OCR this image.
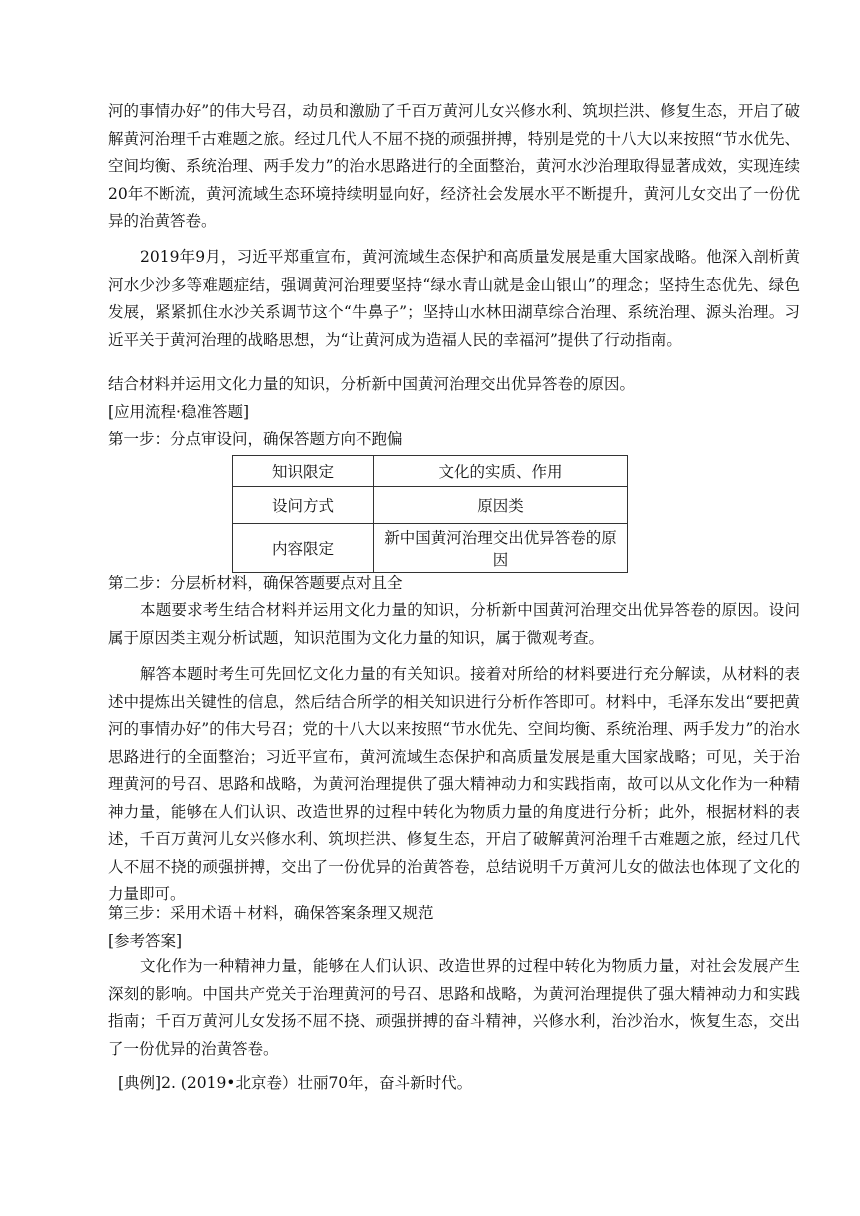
河的事情办好”的伟大号召，动员和激励了千百万黄河儿女兴修水利、筑坝拦洪、修复生态，开启了破解黄河治理千古难题之旅。经过几代人不屈不挠的顽强拼搏，特别是党的十八大以来按照“节水优先、空间均衡、系统治理、两手发力”的治水思路进行的全面整治，黄河水沙治理取得显著成效，实现连续20年不断流，黄河流域生态环境持续明显向好，经济社会发展水平不断提升，黄河儿女交出了一份优异的治黄答卷。

2019年9月，习近平郑重宣布，黄河流域生态保护和高质量发展是重大国家战略。他深入剖析黄河水少沙多等难题症结，强调黄河治理要坚持“绿水青山就是金山银山”的理念；坚持生态优先、绿色发展，紧紧抓住水沙关系调节这个“牛鼻子”；坚持山水林田湖草综合治理、系统治理、源头治理。习近平关于黄河治理的战略思想，为“让黄河成为造福人民的幸福河”提供了行动指南。

结合材料并运用文化力量的知识，分析新中国黄河治理交出优异答卷的原因。
[应用流程·稳准答题]
第一步：分点审设问，确保答题方向不跑偏
知识限定	文化的实质、作用
设问方式	原因类
内容限定	新中国黄河治理交出优异答卷的原因
第二步：分层析材料，确保答题要点对且全

本题要求考生结合材料并运用文化力量的知识，分析新中国黄河治理交出优异答卷的原因。设问属于原因类主观分析试题，知识范围为文化力量的知识，属于微观考查。

解答本题时考生可先回忆文化力量的有关知识。接着对所给的材料要进行充分解读，从材料的表述中提炼出关键性的信息，然后结合所学的相关知识进行分析作答即可。材料中，毛泽东发出“要把黄河的事情办好”的伟大号召；党的十八大以来按照“节水优先、空间均衡、系统治理、两手发力”的治水思路进行的全面整治；习近平宣布，黄河流域生态保护和高质量发展是重大国家战略；可见，关于治理黄河的号召、思路和战略，为黄河治理提供了强大精神动力和实践指南，故可以从文化作为一种精神力量，能够在人们认识、改造世界的过程中转化为物质力量的角度进行分析；此外，根据材料的表述，千百万黄河儿女兴修水利、筑坝拦洪、修复生态，开启了破解黄河治理千古难题之旅，经过几代人不屈不挠的顽强拼搏，交出了一份优异的治黄答卷，总结说明千万黄河儿女的做法也体现了文化的力量即可。

第三步：采用术语＋材料，确保答案条理又规范
[参考答案]

文化作为一种精神力量，能够在人们认识、改造世界的过程中转化为物质力量，对社会发展产生深刻的影响。中国共产党关于治理黄河的号召、思路和战略，为黄河治理提供了强大精神动力和实践指南；千百万黄河儿女发扬不屈不挠、顽强拼搏的奋斗精神，兴修水利，治沙治水，恢复生态，交出了一份优异的治黄答卷。

[典例]2. (2019•北京卷）壮丽70年，奋斗新时代。
